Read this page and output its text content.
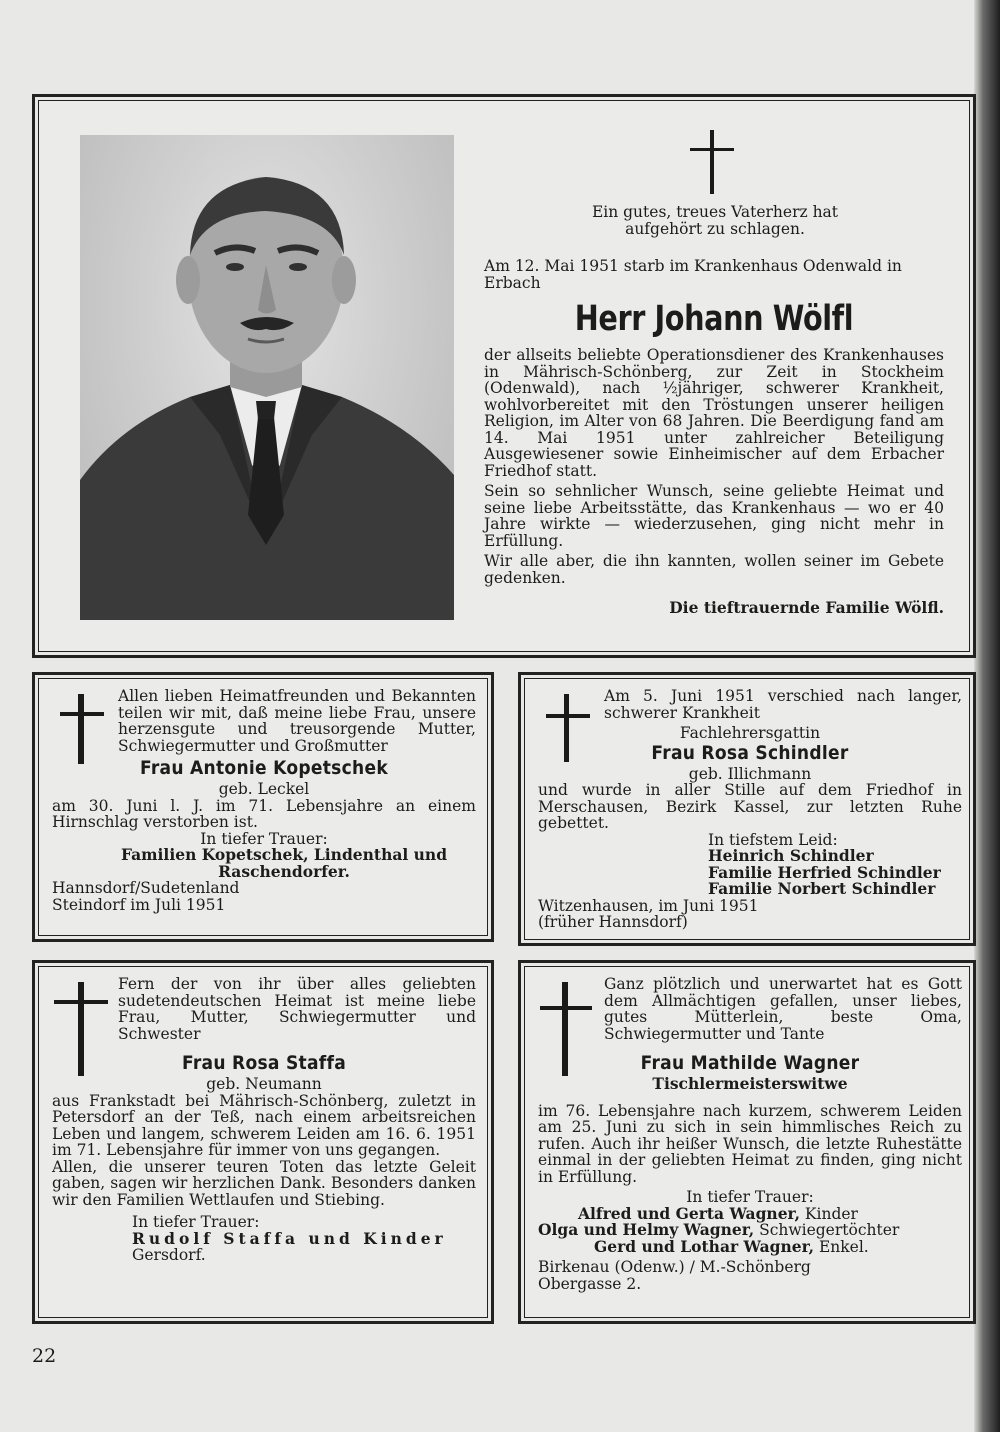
Ein gutes, treues Vaterherz hat aufgehört zu schlagen.
Am 12. Mai 1951 starb im Krankenhaus Odenwald in Erbach
Herr Johann Wölfl
der allseits beliebte Operationsdiener des Krankenhauses in Mährisch-Schönberg, zur Zeit in Stockheim (Odenwald), nach ½jähriger, schwerer Krankheit, wohlvorbereitet mit den Tröstungen unserer heiligen Religion, im Alter von 68 Jahren. Die Beerdigung fand am 14. Mai 1951 unter zahlreicher Beteiligung Ausgewiesener sowie Einheimischer auf dem Erbacher Friedhof statt.
Sein so sehnlicher Wunsch, seine geliebte Heimat und seine liebe Arbeitsstätte, das Krankenhaus — wo er 40 Jahre wirkte — wiederzusehen, ging nicht mehr in Erfüllung.
Wir alle aber, die ihn kannten, wollen seiner im Gebete gedenken.
Die tieftrauernde Familie Wölfl.
Allen lieben Heimatfreunden und Bekannten teilen wir mit, daß meine liebe Frau, unsere herzensgute und treusorgende Mutter, Schwiegermutter und Großmutter
Frau Antonie Kopetschek
geb. Leckel
am 30. Juni l. J. im 71. Lebensjahre an einem Hirnschlag verstorben ist.
In tiefer Trauer:
Familien Kopetschek, Lindenthal und Raschendorfer.
Hannsdorf/Sudetenland
Steindorf im Juli 1951
Am 5. Juni 1951 verschied nach langer, schwerer Krankheit
Fachlehrersgattin
Frau Rosa Schindler
geb. Illichmann
und wurde in aller Stille auf dem Friedhof in Merschausen, Bezirk Kassel, zur letzten Ruhe gebettet.
In tiefstem Leid:
Heinrich Schindler
Familie Herfried Schindler
Familie Norbert Schindler
Witzenhausen, im Juni 1951
(früher Hannsdorf)
Fern der von ihr über alles geliebten sudetendeutschen Heimat ist meine liebe Frau, Mutter, Schwiegermutter und Schwester
Frau Rosa Staffa
geb. Neumann
aus Frankstadt bei Mährisch-Schönberg, zuletzt in Petersdorf an der Teß, nach einem arbeitsreichen Leben und langem, schwerem Leiden am 16. 6. 1951 im 71. Lebensjahre für immer von uns gegangen.
Allen, die unserer teuren Toten das letzte Geleit gaben, sagen wir herzlichen Dank. Besonders danken wir den Familien Wettlaufen und Stiebing.
In tiefer Trauer:
Rudolf Staffa und Kinder
Gersdorf.
Ganz plötzlich und unerwartet hat es Gott dem Allmächtigen gefallen, unser liebes, gutes Mütterlein, beste Oma, Schwiegermutter und Tante
Frau Mathilde Wagner
Tischlermeisterswitwe
im 76. Lebensjahre nach kurzem, schwerem Leiden am 25. Juni zu sich in sein himmlisches Reich zu rufen. Auch ihr heißer Wunsch, die letzte Ruhestätte einmal in der geliebten Heimat zu finden, ging nicht in Erfüllung.
In tiefer Trauer:
Alfred und Gerta Wagner, Kinder
Olga und Helmy Wagner, Schwiegertöchter
Gerd und Lothar Wagner, Enkel.
Birkenau (Odenw.) / M.-Schönberg
Obergasse 2.
22
